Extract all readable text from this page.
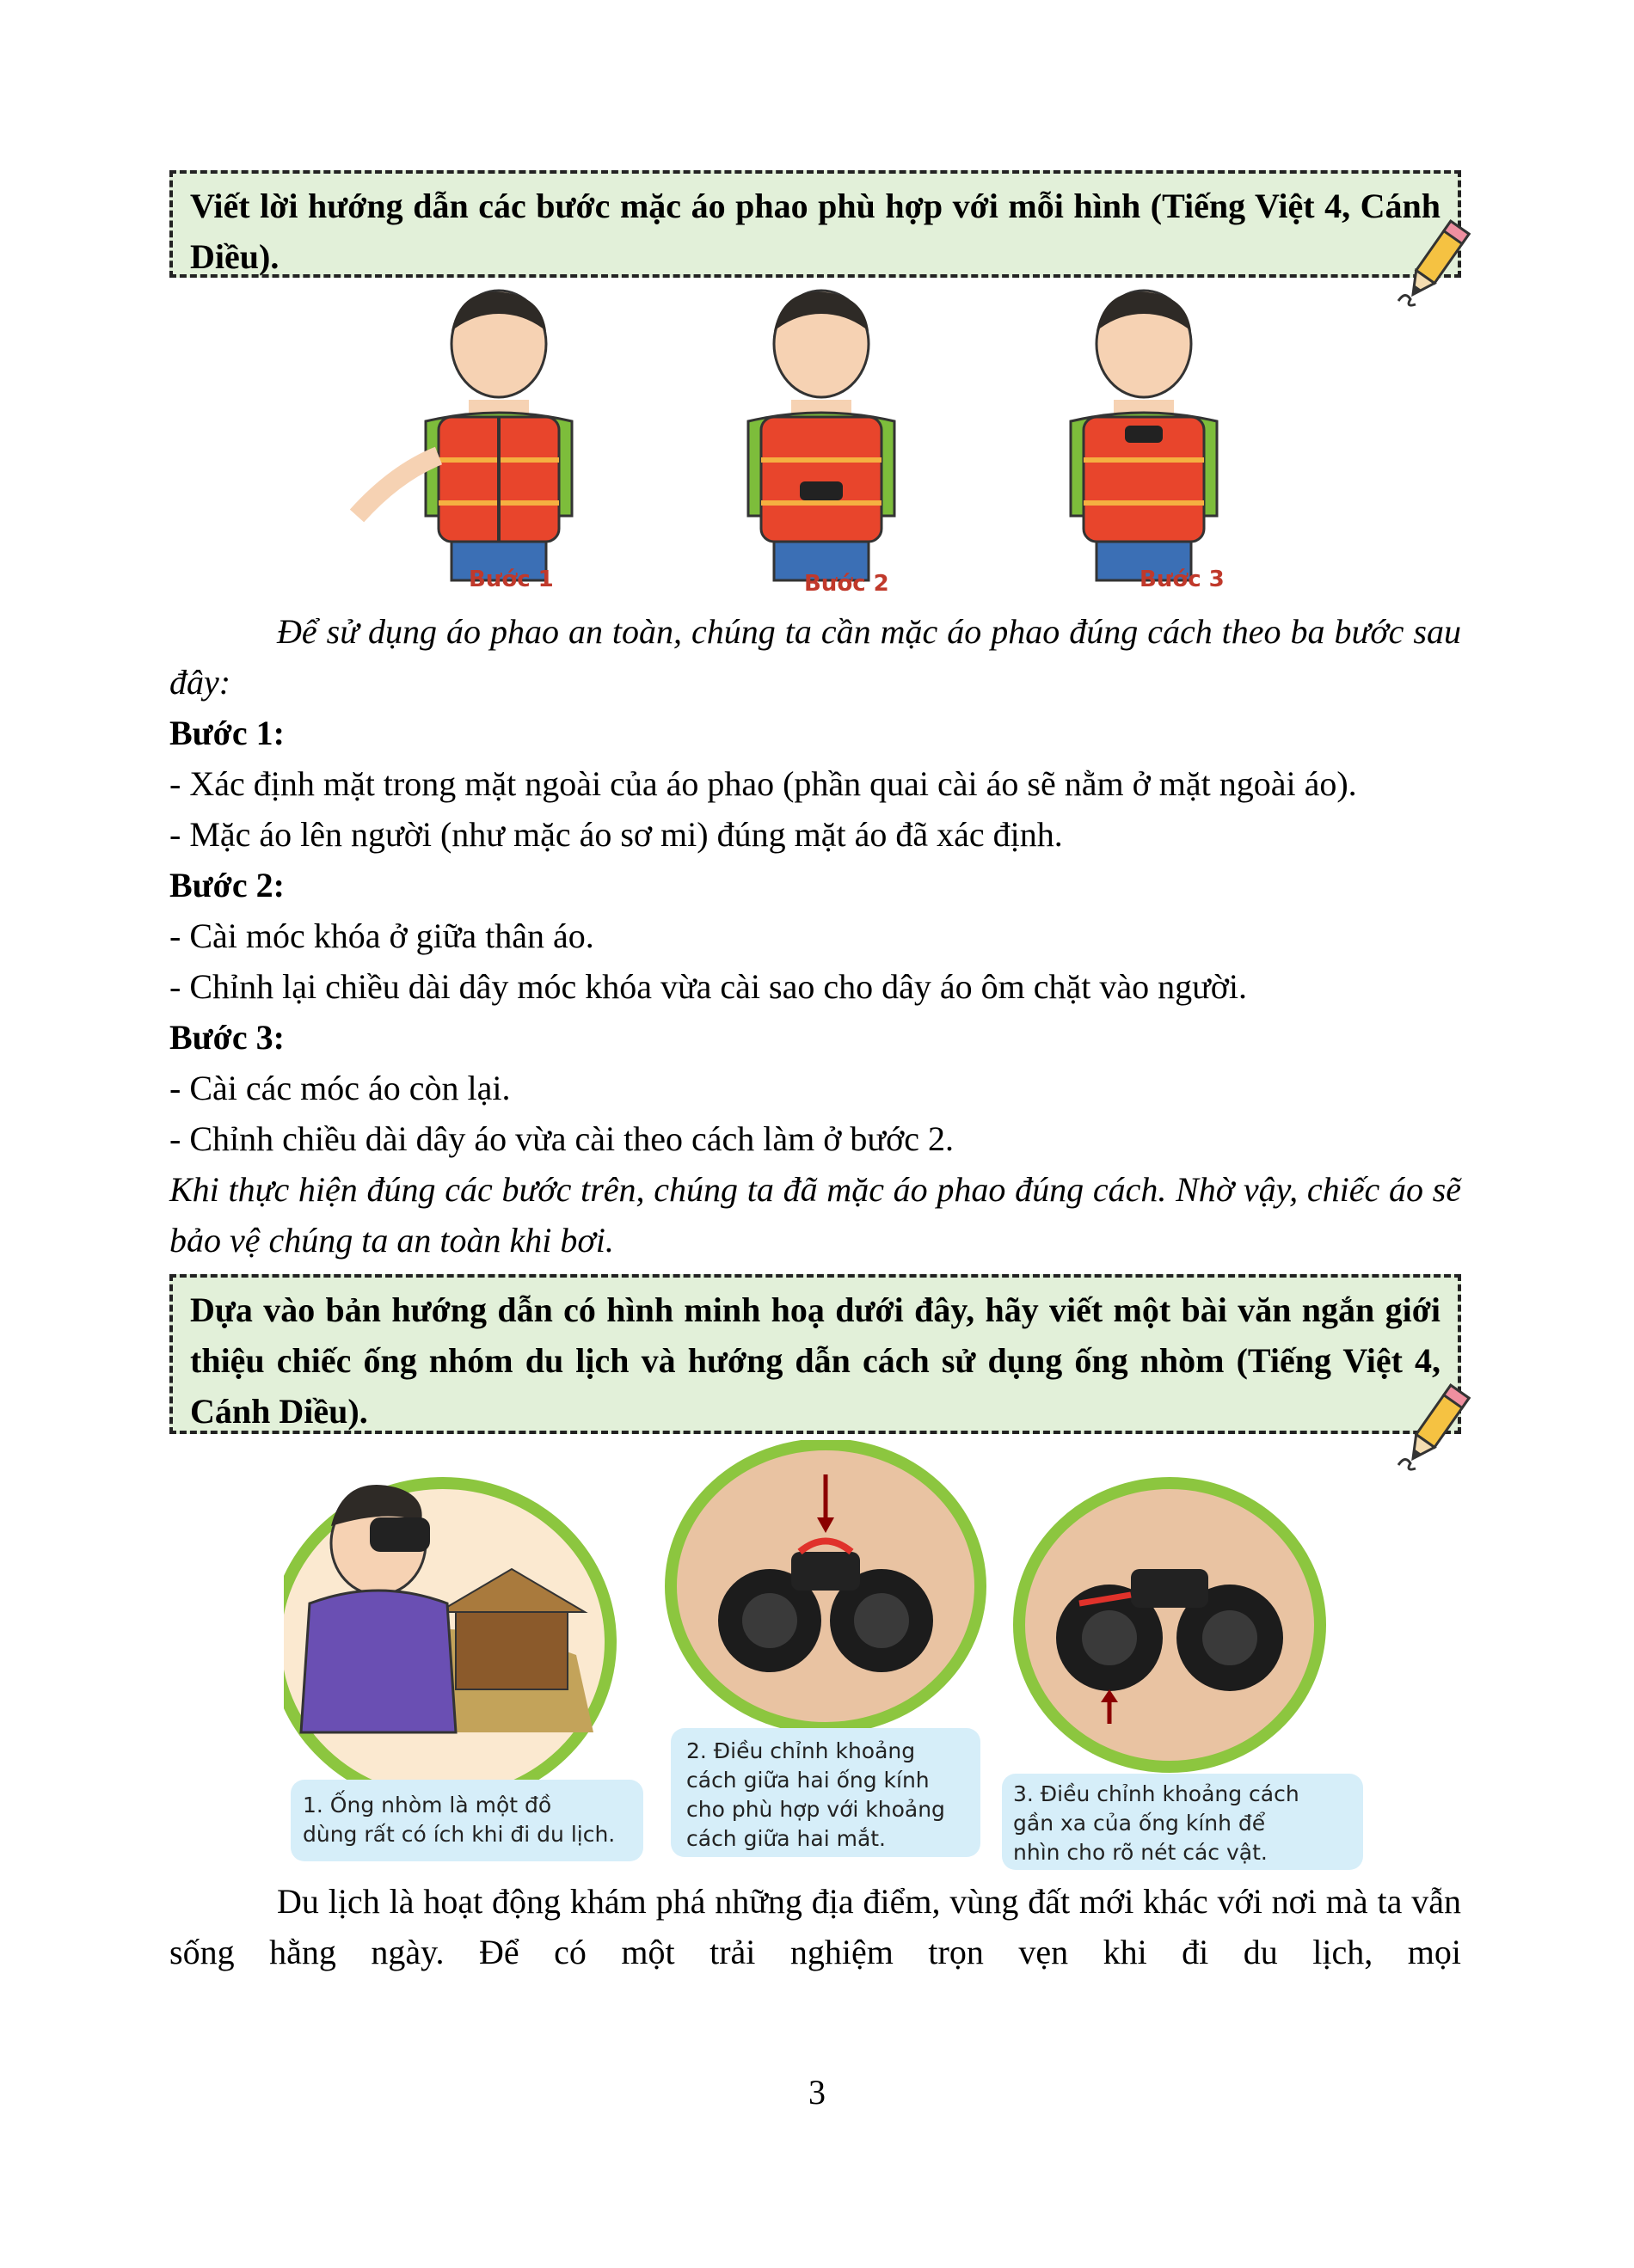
Viết lời hướng dẫn các bước mặc áo phao phù hợp với mỗi hình (Tiếng Việt 4, Cánh Diều).
Bước 1	Bước 2	Bước 3

Để sử dụng áo phao an toàn, chúng ta cần mặc áo phao đúng cách theo ba bước sau đây:

Bước 1:

- Xác định mặt trong mặt ngoài của áo phao (phần quai cài áo sẽ nằm ở mặt ngoài áo).

- Mặc áo lên người (như mặc áo sơ mi) đúng mặt áo đã xác định.

Bước 2:

- Cài móc khóa ở giữa thân áo.

- Chỉnh lại chiều dài dây móc khóa vừa cài sao cho dây áo ôm chặt vào người.

Bước 3:

- Cài các móc áo còn lại.

- Chỉnh chiều dài dây áo vừa cài theo cách làm ở bước 2.

Khi thực hiện đúng các bước trên, chúng ta đã mặc áo phao đúng cách. Nhờ vậy, chiếc áo sẽ bảo vệ chúng ta an toàn khi bơi.

Dựa vào bản hướng dẫn có hình minh hoạ dưới đây, hãy viết một bài văn ngắn giới thiệu chiếc ống nhóm du lịch và hướng dẫn cách sử dụng ống nhòm (Tiếng Việt 4, Cánh Diều).
1. Ống nhòm là một đồ
dùng rất có ích khi đi du lịch.
2. Điều chỉnh khoảng
cách giữa hai ống kính
cho phù hợp với khoảng
cách giữa hai mắt.
3. Điều chỉnh khoảng cách
gần xa của ống kính để
nhìn cho rõ nét các vật.

Du lịch là hoạt động khám phá những địa điểm, vùng đất mới khác với nơi mà ta vẫn sống hằng ngày. Để có một trải nghiệm trọn vẹn khi đi du lịch, mọi

3
